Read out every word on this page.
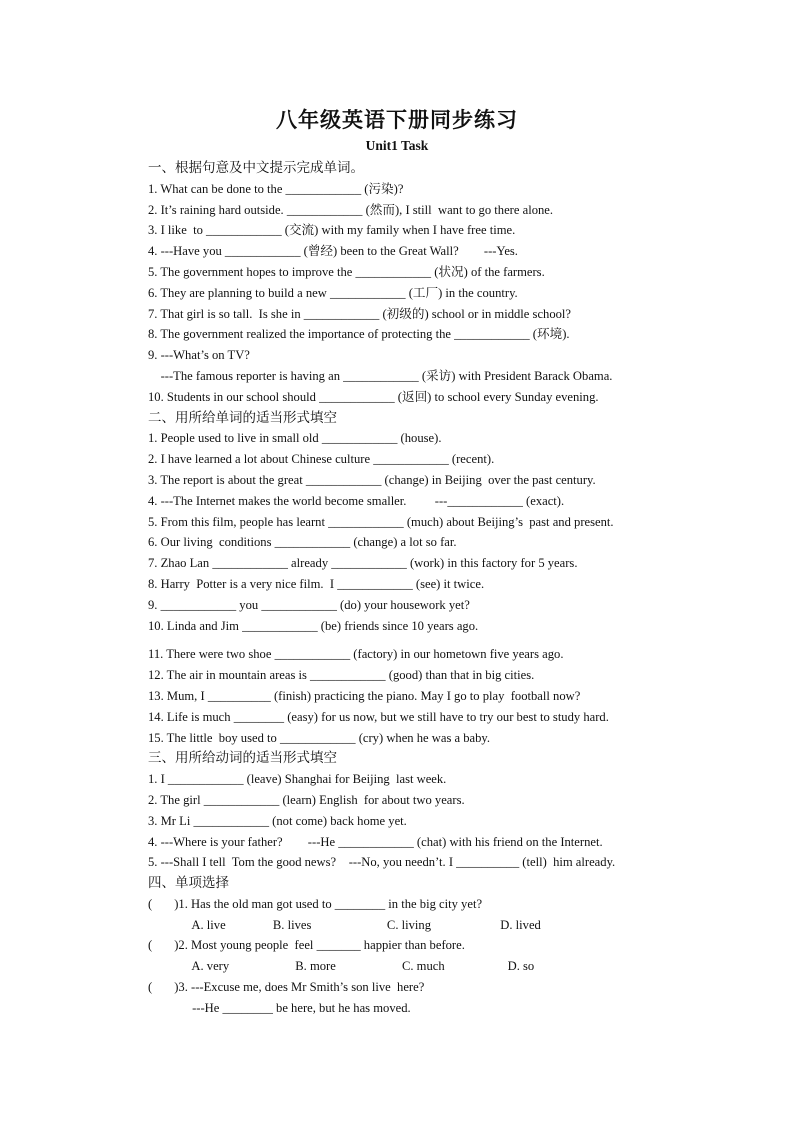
八年级英语下册同步练习
Unit1 Task
一、根据句意及中文提示完成单词。
1. What can be done to the ____________ (污染)?
2. It’s raining hard outside. ____________ (然而), I still  want to go there alone.
3. I like  to ____________ (交流) with my family when I have free time.
4. ---Have you ____________ (曾经) been to the Great Wall?        ---Yes.
5. The government hopes to improve the ____________ (状况) of the farmers.
6. They are planning to build a new ____________ (工厂) in the country.
7. That girl is so tall.  Is she in ____________ (初级的) school or in middle school?
8. The government realized the importance of protecting the ____________ (环境).
9. ---What’s on TV?
---The famous reporter is having an ____________ (采访) with President Barack Obama.
10. Students in our school should ____________ (返回) to school every Sunday evening.
二、用所给单词的适当形式填空
1. People used to live in small old ____________ (house).
2. I have learned a lot about Chinese culture ____________ (recent).
3. The report is about the great ____________ (change) in Beijing  over the past century.
4. ---The Internet makes the world become smaller.         ---____________ (exact).
5. From this film, people has learnt ____________ (much) about Beijing’s  past and present.
6. Our living  conditions ____________ (change) a lot so far.
7. Zhao Lan ____________ already ____________ (work) in this factory for 5 years.
8. Harry  Potter is a very nice film.  I ____________ (see) it twice.
9. ____________ you ____________ (do) your housework yet?
10. Linda and Jim ____________ (be) friends since 10 years ago.
11. There were two shoe ____________ (factory) in our hometown five years ago.
12. The air in mountain areas is ____________ (good) than that in big cities.
13. Mum, I __________ (finish) practicing the piano. May I go to play  football now?
14. Life is much ________ (easy) for us now, but we still have to try our best to study hard.
15. The little  boy used to ____________ (cry) when he was a baby.
三、用所给动词的适当形式填空
1. I ____________ (leave) Shanghai for Beijing  last week.
2. The girl ____________ (learn) English  for about two years.
3. Mr Li ____________ (not come) back home yet.
4. ---Where is your father?        ---He ____________ (chat) with his friend on the Internet.
5. ---Shall I tell  Tom the good news?    ---No, you needn’t. I __________ (tell)  him already.
四、单项选择
(       )1. Has the old man got used to ________ in the big city yet?
A. live               B. lives                        C. living                      D. lived
(       )2. Most young people  feel _______ happier than before.
A. very                     B. more                     C. much                    D. so
(       )3. ---Excuse me, does Mr Smith’s son live  here?
---He ________ be here, but he has moved.
